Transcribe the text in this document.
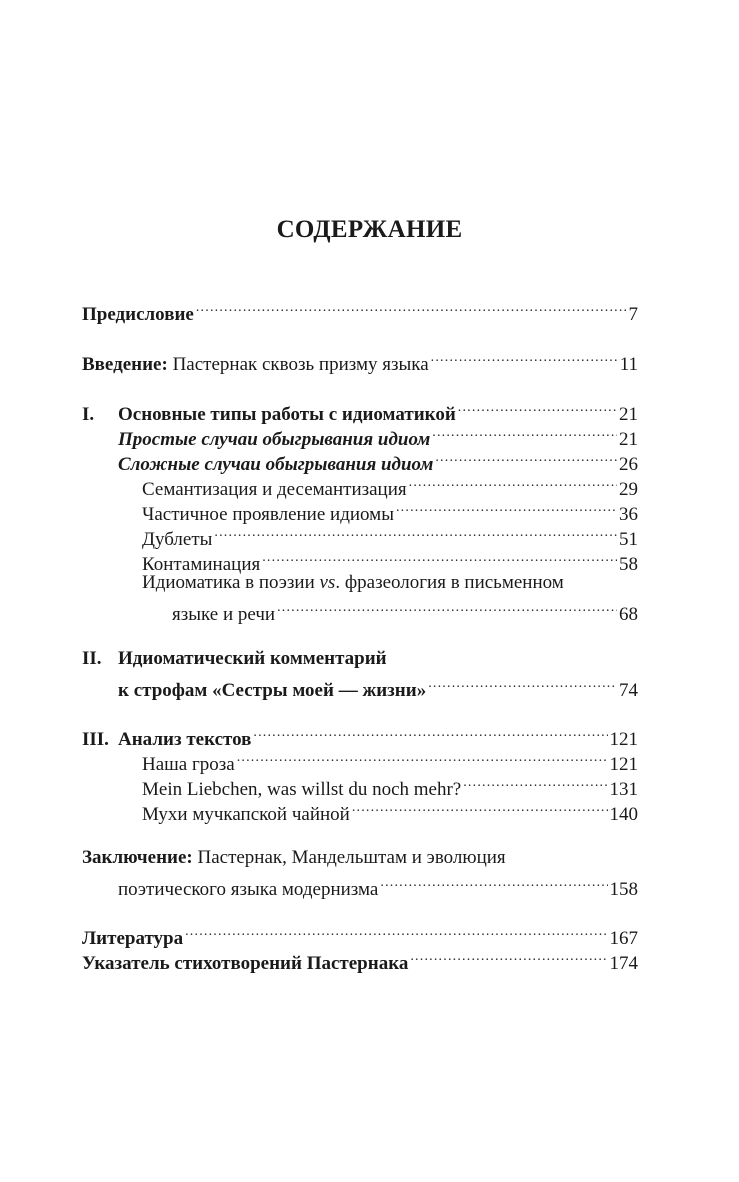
СОДЕРЖАНИЕ
Предисловие .....	7
Введение: Пастернак сквозь призму языка .....	11
I. Основные типы работы с идиоматикой .....	21
Простые случаи обыгрывания идиом .....	21
Сложные случаи обыгрывания идиом .....	26
Семантизация и десемантизация .....	29
Частичное проявление идиомы .....	36
Дублеты .....	51
Контаминация .....	58
Идиоматика в поэзии vs. фразеология в письменном
языке и речи .....	68
II. Идиоматический комментарий
к строфам «Сестры моей — жизни» .....	74
III. Анализ текстов .....	121
Наша гроза .....	121
Mein Liebchen, was willst du noch mehr? .....	131
Мухи мучкапской чайной .....	140
Заключение: Пастернак, Мандельштам и эволюция
поэтического языка модернизма .....	158
Литература .....	167
Указатель стихотворений Пастернака .....	174
